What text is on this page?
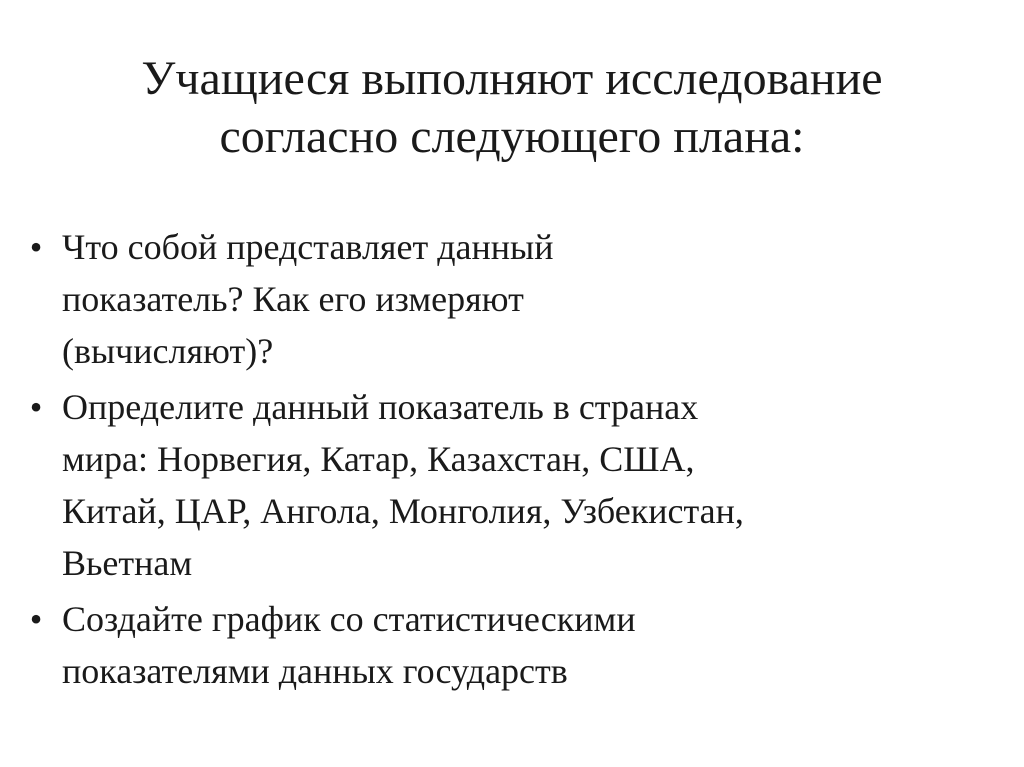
Учащиеся выполняют исследование
согласно следующего плана:
• Что собой представляет данный
показатель? Как его измеряют
(вычисляют)?
• Определите данный показатель в странах
мира: Норвегия, Катар, Казахстан, США,
Китай, ЦАР, Ангола, Монголия, Узбекистан,
Вьетнам
• Создайте график со статистическими
показателями данных государств
